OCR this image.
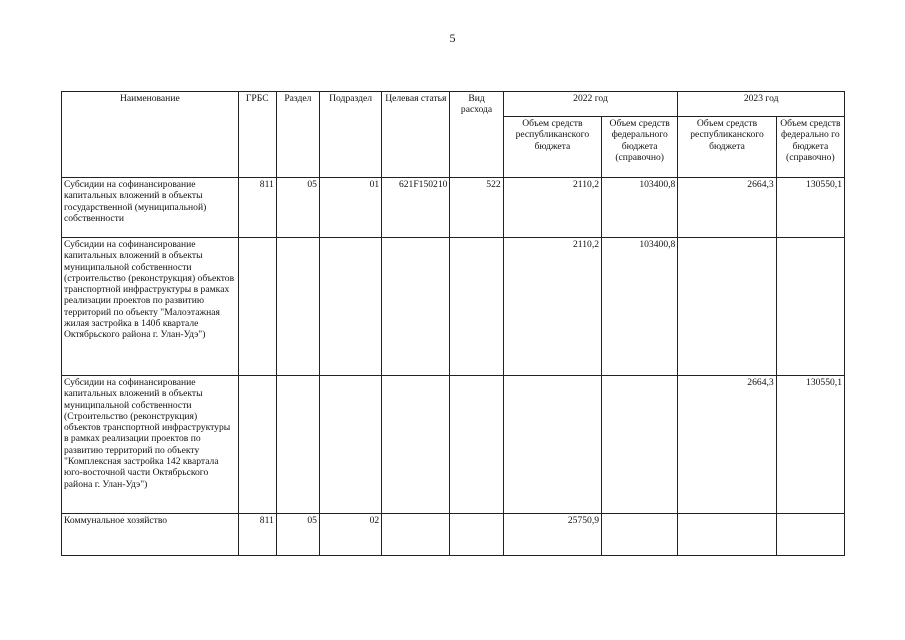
5
Наименование	ГРБС	Раздел	Подраздел	Целевая статья	Вид расхода	2022 год		2023 год	
						Объем средств республиканского бюджета	Объем средств федерального бюджета (справочно)	Объем средств республиканского бюджета	Объем средств федерально го бюджета (справочно)
Субсидии на софинансирование капитальных вложений в объекты государственной (муниципальной) собственности	811	05	01	621F150210	522	2110,2	103400,8	2664,3	130550,1
Субсидии на софинансирование капитальных вложений в объекты муниципальной собственности (строительство (реконструкция) объектов транспортной инфраструктуры в рамках реализации проектов по развитию территорий по объекту "Малоэтажная жилая застройка в 140б квартале Октябрьского района г. Улан-Удэ")						2110,2	103400,8		
Субсидии на софинансирование капитальных вложений в объекты муниципальной собственности (Строительство (реконструкция) объектов транспортной инфраструктуры в рамках реализации проектов по развитию территорий по объекту "Комплексная застройка 142 квартала юго-восточной части Октябрьского района г. Улан-Удэ")								2664,3	130550,1
Коммунальное хозяйство	811	05	02			25750,9			
